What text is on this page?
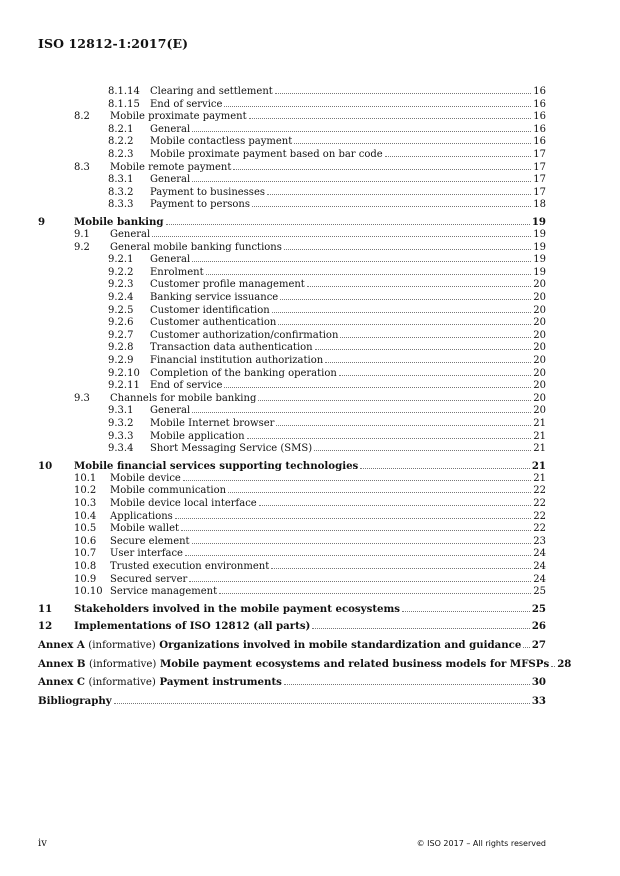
ISO 12812-1:2017(E)
8.1.14 Clearing and settlement	16
8.1.15 End of service	16
8.2 Mobile proximate payment	16
8.2.1 General	16
8.2.2 Mobile contactless payment	16
8.2.3 Mobile proximate payment based on bar code	17
8.3 Mobile remote payment	17
8.3.1 General	17
8.3.2 Payment to businesses	17
8.3.3 Payment to persons	18
9	Mobile banking	19
9.1 General	19
9.2 General mobile banking functions	19
9.2.1 General	19
9.2.2 Enrolment	19
9.2.3 Customer profile management	20
9.2.4 Banking service issuance	20
9.2.5 Customer identification	20
9.2.6 Customer authentication	20
9.2.7 Customer authorization/confirmation	20
9.2.8 Transaction data authentication	20
9.2.9 Financial institution authorization	20
9.2.10 Completion of the banking operation	20
9.2.11 End of service	20
9.3 Channels for mobile banking	20
9.3.1 General	20
9.3.2 Mobile Internet browser	21
9.3.3 Mobile application	21
9.3.4 Short Messaging Service (SMS)	21
10 Mobile financial services supporting technologies	21
10.1 Mobile device	21
10.2 Mobile communication	22
10.3 Mobile device local interface	22
10.4 Applications	22
10.5 Mobile wallet	22
10.6 Secure element	23
10.7 User interface	24
10.8 Trusted execution environment	24
10.9 Secured server	24
10.10 Service management	25
11 Stakeholders involved in the mobile payment ecosystems	25
12 Implementations of ISO 12812 (all parts)	26
Annex A (informative) Organizations involved in mobile standardization and guidance 27
Annex B (informative) Mobile payment ecosystems and related business models for MFSPs 28
Annex C (informative) Payment instruments	30
Bibliography	33
iv	© ISO 2017 – All rights reserved
